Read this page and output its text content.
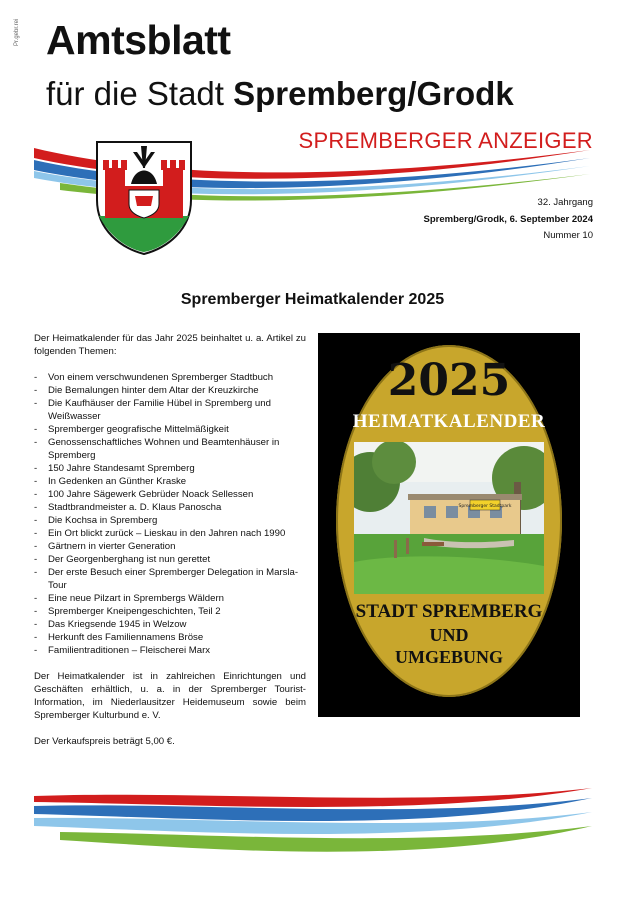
Pr.gebr.rei Amtsblatt
für die Stadt Spremberg/Grodk
SPREMBERGER ANZEIGER
32. Jahrgang
Spremberg/Grodk, 6. September 2024
Nummer 10
Spremberger Heimatkalender 2025

Der Heimatkalender für das Jahr 2025 beinhaltet u. a. Artikel zu folgenden Themen:

- Von einem verschwundenen Spremberger Stadtbuch
- Die Bemalungen hinter dem Altar der Kreuzkirche
- Die Kaufhäuser der Familie Hübel in Spremberg und Weißwasser
- Spremberger geografische Mittelmäßigkeit
- Genossenschaftliches Wohnen und Beamtenhäuser in Spremberg
- 150 Jahre Standesamt Spremberg
- In Gedenken an Günther Kraske
- 100 Jahre Sägewerk Gebrüder Noack Sellessen
- Stadtbrandmeister a. D. Klaus Panoscha
- Die Kochsa in Spremberg
- Ein Ort blickt zurück – Lieskau in den Jahren nach 1990
- Gärtnern in vierter Generation
- Der Georgenberghang ist nun gerettet
- Der erste Besuch einer Spremberger Delegation in Marsla-Tour
- Eine neue Pilzart in Sprembergs Wäldern
- Spremberger Kneipengeschichten, Teil 2
- Das Kriegsende 1945 in Welzow
- Herkunft des Familiennamens Bröse
- Familientraditionen – Fleischerei Marx

Der Heimatkalender ist in zahlreichen Einrichtungen und Geschäften erhältlich, u. a. in der Spremberger Tourist-Information, im Niederlausitzer Heidemuseum sowie beim Spremberger Kulturbund e. V.

Der Verkaufspreis beträgt 5,00 €.

2025
HEIMATKALENDER
Spremberger Stadtpark
STADT SPREMBERG
UND
UMGEBUNG
